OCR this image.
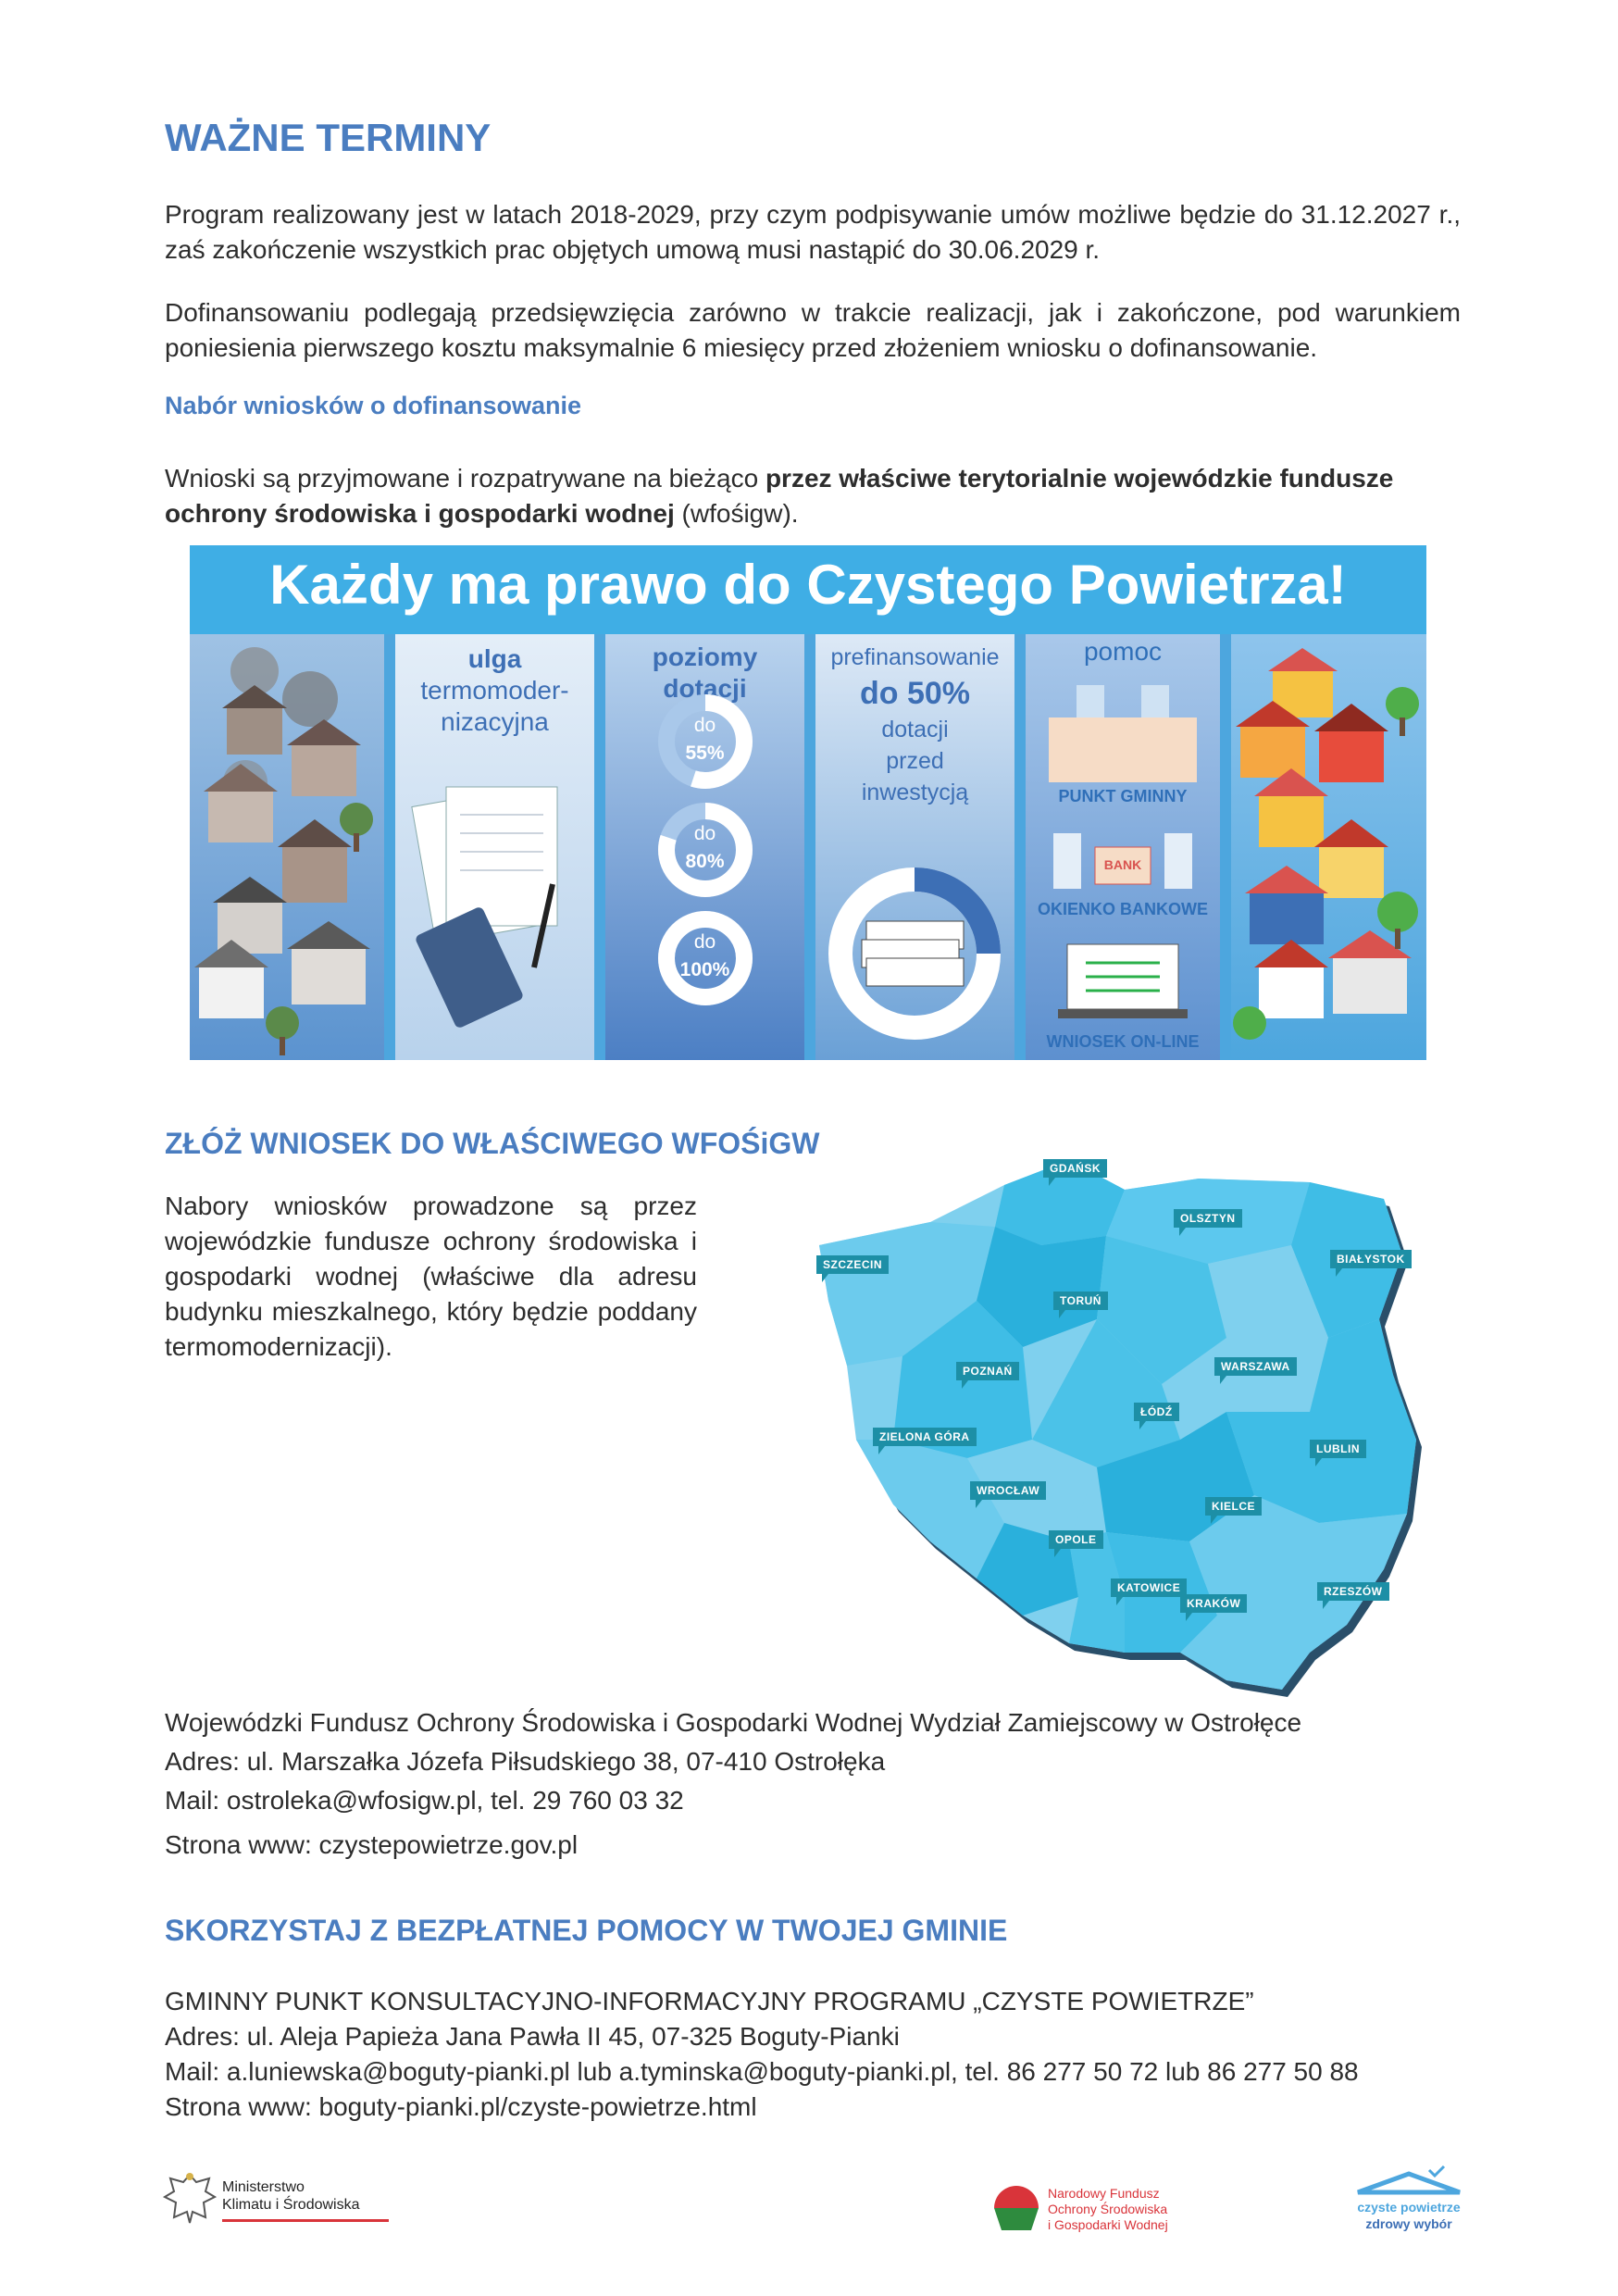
WAŻNE TERMINY
Program realizowany jest w latach 2018-2029, przy czym podpisywanie umów możliwe będzie do 31.12.2027 r., zaś zakończenie wszystkich prac objętych umową musi nastąpić do 30.06.2029 r.
Dofinansowaniu podlegają przedsięwzięcia zarówno w trakcie realizacji, jak i zakończone, pod warunkiem poniesienia pierwszego kosztu maksymalnie 6 miesięcy przed złożeniem wniosku o dofinansowanie.
Nabór wniosków o dofinansowanie
Wnioski są przyjmowane i rozpatrywane na bieżąco przez właściwe terytorialnie wojewódzkie fundusze ochrony środowiska i gospodarki wodnej (wfośigw).
Każdy ma prawo do Czystego Powietrza!
ulga
termomoder-
nizacyjna
poziomy
dotacji
do
55%
do
80%
do
100%
prefinansowanie
do 50%
dotacji
przed
inwestycją
pomoc
PUNKT GMINNY
BANK
OKIENKO BANKOWE
WNIOSEK ON-LINE
ZŁÓŻ WNIOSEK DO WŁAŚCIWEGO WFOŚiGW
Nabory wniosków prowadzone są przez wojewódzkie fundusze ochrony środowiska i gospodarki wodnej (właściwe dla adresu budynku mieszkalnego, który będzie poddany termomodernizacji).
GDAŃSK
OLSZTYN
BIAŁYSTOK
SZCZECIN
TORUŃ
POZNAŃ	WARSZAWA
ŁÓDŹ
ZIELONA GÓRA
LUBLIN
WROCŁAW
KIELCE
OPOLE
KATOWICE
KRAKÓW
RZESZÓW
Wojewódzki Fundusz Ochrony Środowiska i Gospodarki Wodnej Wydział Zamiejscowy w Ostrołęce
Adres: ul. Marszałka Józefa Piłsudskiego 38, 07-410 Ostrołęka
Mail: ostroleka@wfosigw.pl, tel. 29 760 03 32
Strona www: czystepowietrze.gov.pl
SKORZYSTAJ Z BEZPŁATNEJ POMOCY W TWOJEJ GMINIE
GMINNY PUNKT KONSULTACYJNO-INFORMACYJNY PROGRAMU „CZYSTE POWIETRZE”
Adres: ul. Aleja Papieża Jana Pawła II 45, 07-325 Boguty-Pianki
Mail: a.luniewska@boguty-pianki.pl lub a.tyminska@boguty-pianki.pl, tel. 86 277 50 72 lub 86 277 50 88
Strona www: boguty-pianki.pl/czyste-powietrze.html
Ministerstwo
Klimatu i Środowiska
Narodowy Fundusz
Ochrony Środowiska
i Gospodarki Wodnej
czyste powietrze
zdrowy wybór
